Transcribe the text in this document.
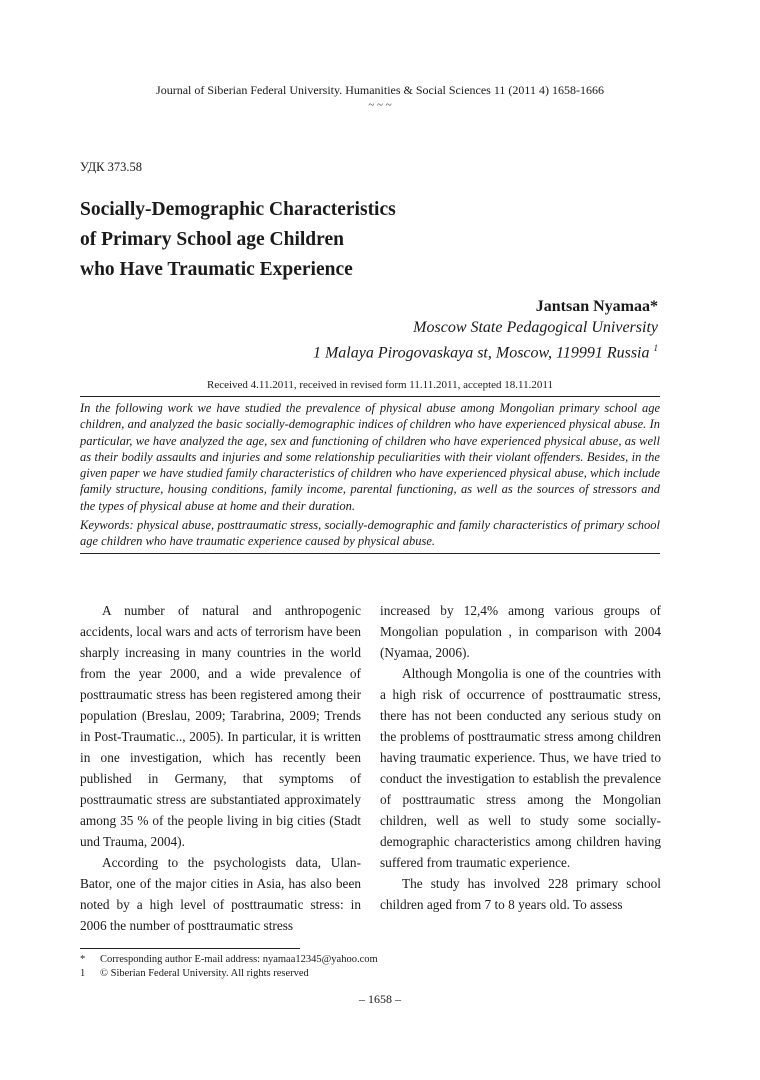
Journal of Siberian Federal University. Humanities & Social Sciences 11 (2011 4) 1658-1666
~ ~ ~
УДК 373.58
Socially-Demographic Characteristics
of Primary School age Children
who Have Traumatic Experience
Jantsan Nyamaa*
Moscow State Pedagogical University
1 Malaya Pirogovaskaya st, Moscow, 119991 Russia $^1$
Received 4.11.2011, received in revised form 11.11.2011, accepted 18.11.2011

In the following work we have studied the prevalence of physical abuse among Mongolian primary school age children, and analyzed the basic socially-demographic indices of children who have experienced physical abuse. In particular, we have analyzed the age, sex and functioning of children who have experienced physical abuse, as well as their bodily assaults and injuries and some relationship peculiarities with their violant offenders. Besides, in the given paper we have studied family characteristics of children who have experienced physical abuse, which include family structure, housing conditions, family income, parental functioning, as well as the sources of stressors and the types of physical abuse at home and their duration.

Keywords: physical abuse, posttraumatic stress, socially-demographic and family characteristics of primary school age children who have traumatic experience caused by physical abuse.

A number of natural and anthropogenic accidents, local wars and acts of terrorism have been sharply increasing in many countries in the world from the year 2000, and a wide prevalence of posttraumatic stress has been registered among their population (Breslau, 2009; Tarabrina, 2009; Trends in Post-Traumatic.., 2005). In particular, it is written in one investigation, which has recently been published in Germany, that symptoms of posttraumatic stress are substantiated approximately among 35 % of the people living in big cities (Stadt und Trauma, 2004).

According to the psychologists data, Ulan-Bator, one of the major cities in Asia, has also been noted by a high level of posttraumatic stress: in 2006 the number of posttraumatic stress

increased by 12,4% among various groups of Mongolian population , in comparison with 2004 (Nyamaa, 2006).

Although Mongolia is one of the countries with a high risk of occurrence of posttraumatic stress, there has not been conducted any serious study on the problems of posttraumatic stress among children having traumatic experience. Thus, we have tried to conduct the investigation to establish the prevalence of posttraumatic stress among the Mongolian children, well as well to study some socially-demographic characteristics among children having suffered from traumatic experience.

The study has involved 228 primary school children aged from 7 to 8 years old. To assess

*	Corresponding author E-mail address: nyamaa12345@yahoo.com
1	© Siberian Federal University. All rights reserved
– 1658 –
